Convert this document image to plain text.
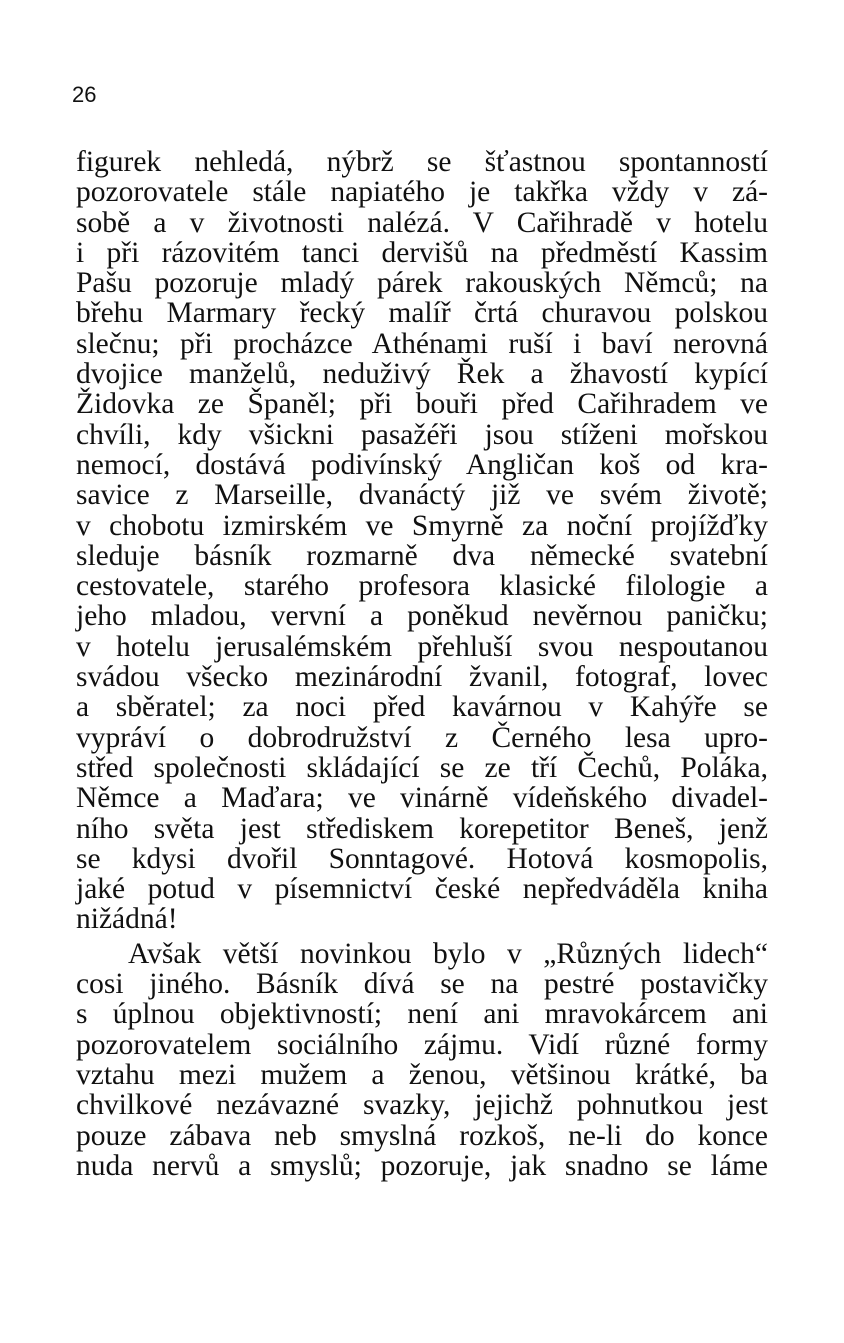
26
figurek nehledá, nýbrž se šťastnou spontanností
pozorovatele stále napiatého je takřka vždy v zá-
sobě a v životnosti nalézá. V Cařihradě v hotelu
i při rázovitém tanci dervišů na předměstí Kassim
Pašu pozoruje mladý párek rakouských Němců; na
břehu Marmary řecký malíř črtá churavou polskou
slečnu; při procházce Athénami ruší i baví nerovná
dvojice manželů, neduživý Řek a žhavostí kypící
Židovka ze Španěl; při bouři před Cařihradem ve
chvíli, kdy všickni pasažéři jsou stíženi mořskou
nemocí, dostává podivínský Angličan koš od kra-
savice z Marseille, dvanáctý již ve svém životě;
v chobotu izmirském ve Smyrně za noční projížďky
sleduje básník rozmarně dva německé svatební
cestovatele, starého profesora klasické filologie a
jeho mladou, vervní a poněkud nevěrnou paničku;
v hotelu jerusalémském přehluší svou nespoutanou
svádou všecko mezinárodní žvanil, fotograf, lovec
a sběratel; za noci před kavárnou v Kahýře se
vypráví o dobrodružství z Černého lesa upro-
střed společnosti skládající se ze tří Čechů, Poláka,
Němce a Maďara; ve vinárně vídeňského divadel-
ního světa jest střediskem korepetitor Beneš, jenž
se kdysi dvořil Sonntagové. Hotová kosmopolis,
jaké potud v písemnictví české nepředváděla kniha
nižádná!
Avšak větší novinkou bylo v „Různých lidech“
cosi jiného. Básník dívá se na pestré postavičky
s úplnou objektivností; není ani mravokárcem ani
pozorovatelem sociálního zájmu. Vidí různé formy
vztahu mezi mužem a ženou, většinou krátké, ba
chvilkové nezávazné svazky, jejichž pohnutkou jest
pouze zábava neb smyslná rozkoš, ne-li do konce
nuda nervů a smyslů; pozoruje, jak snadno se láme
